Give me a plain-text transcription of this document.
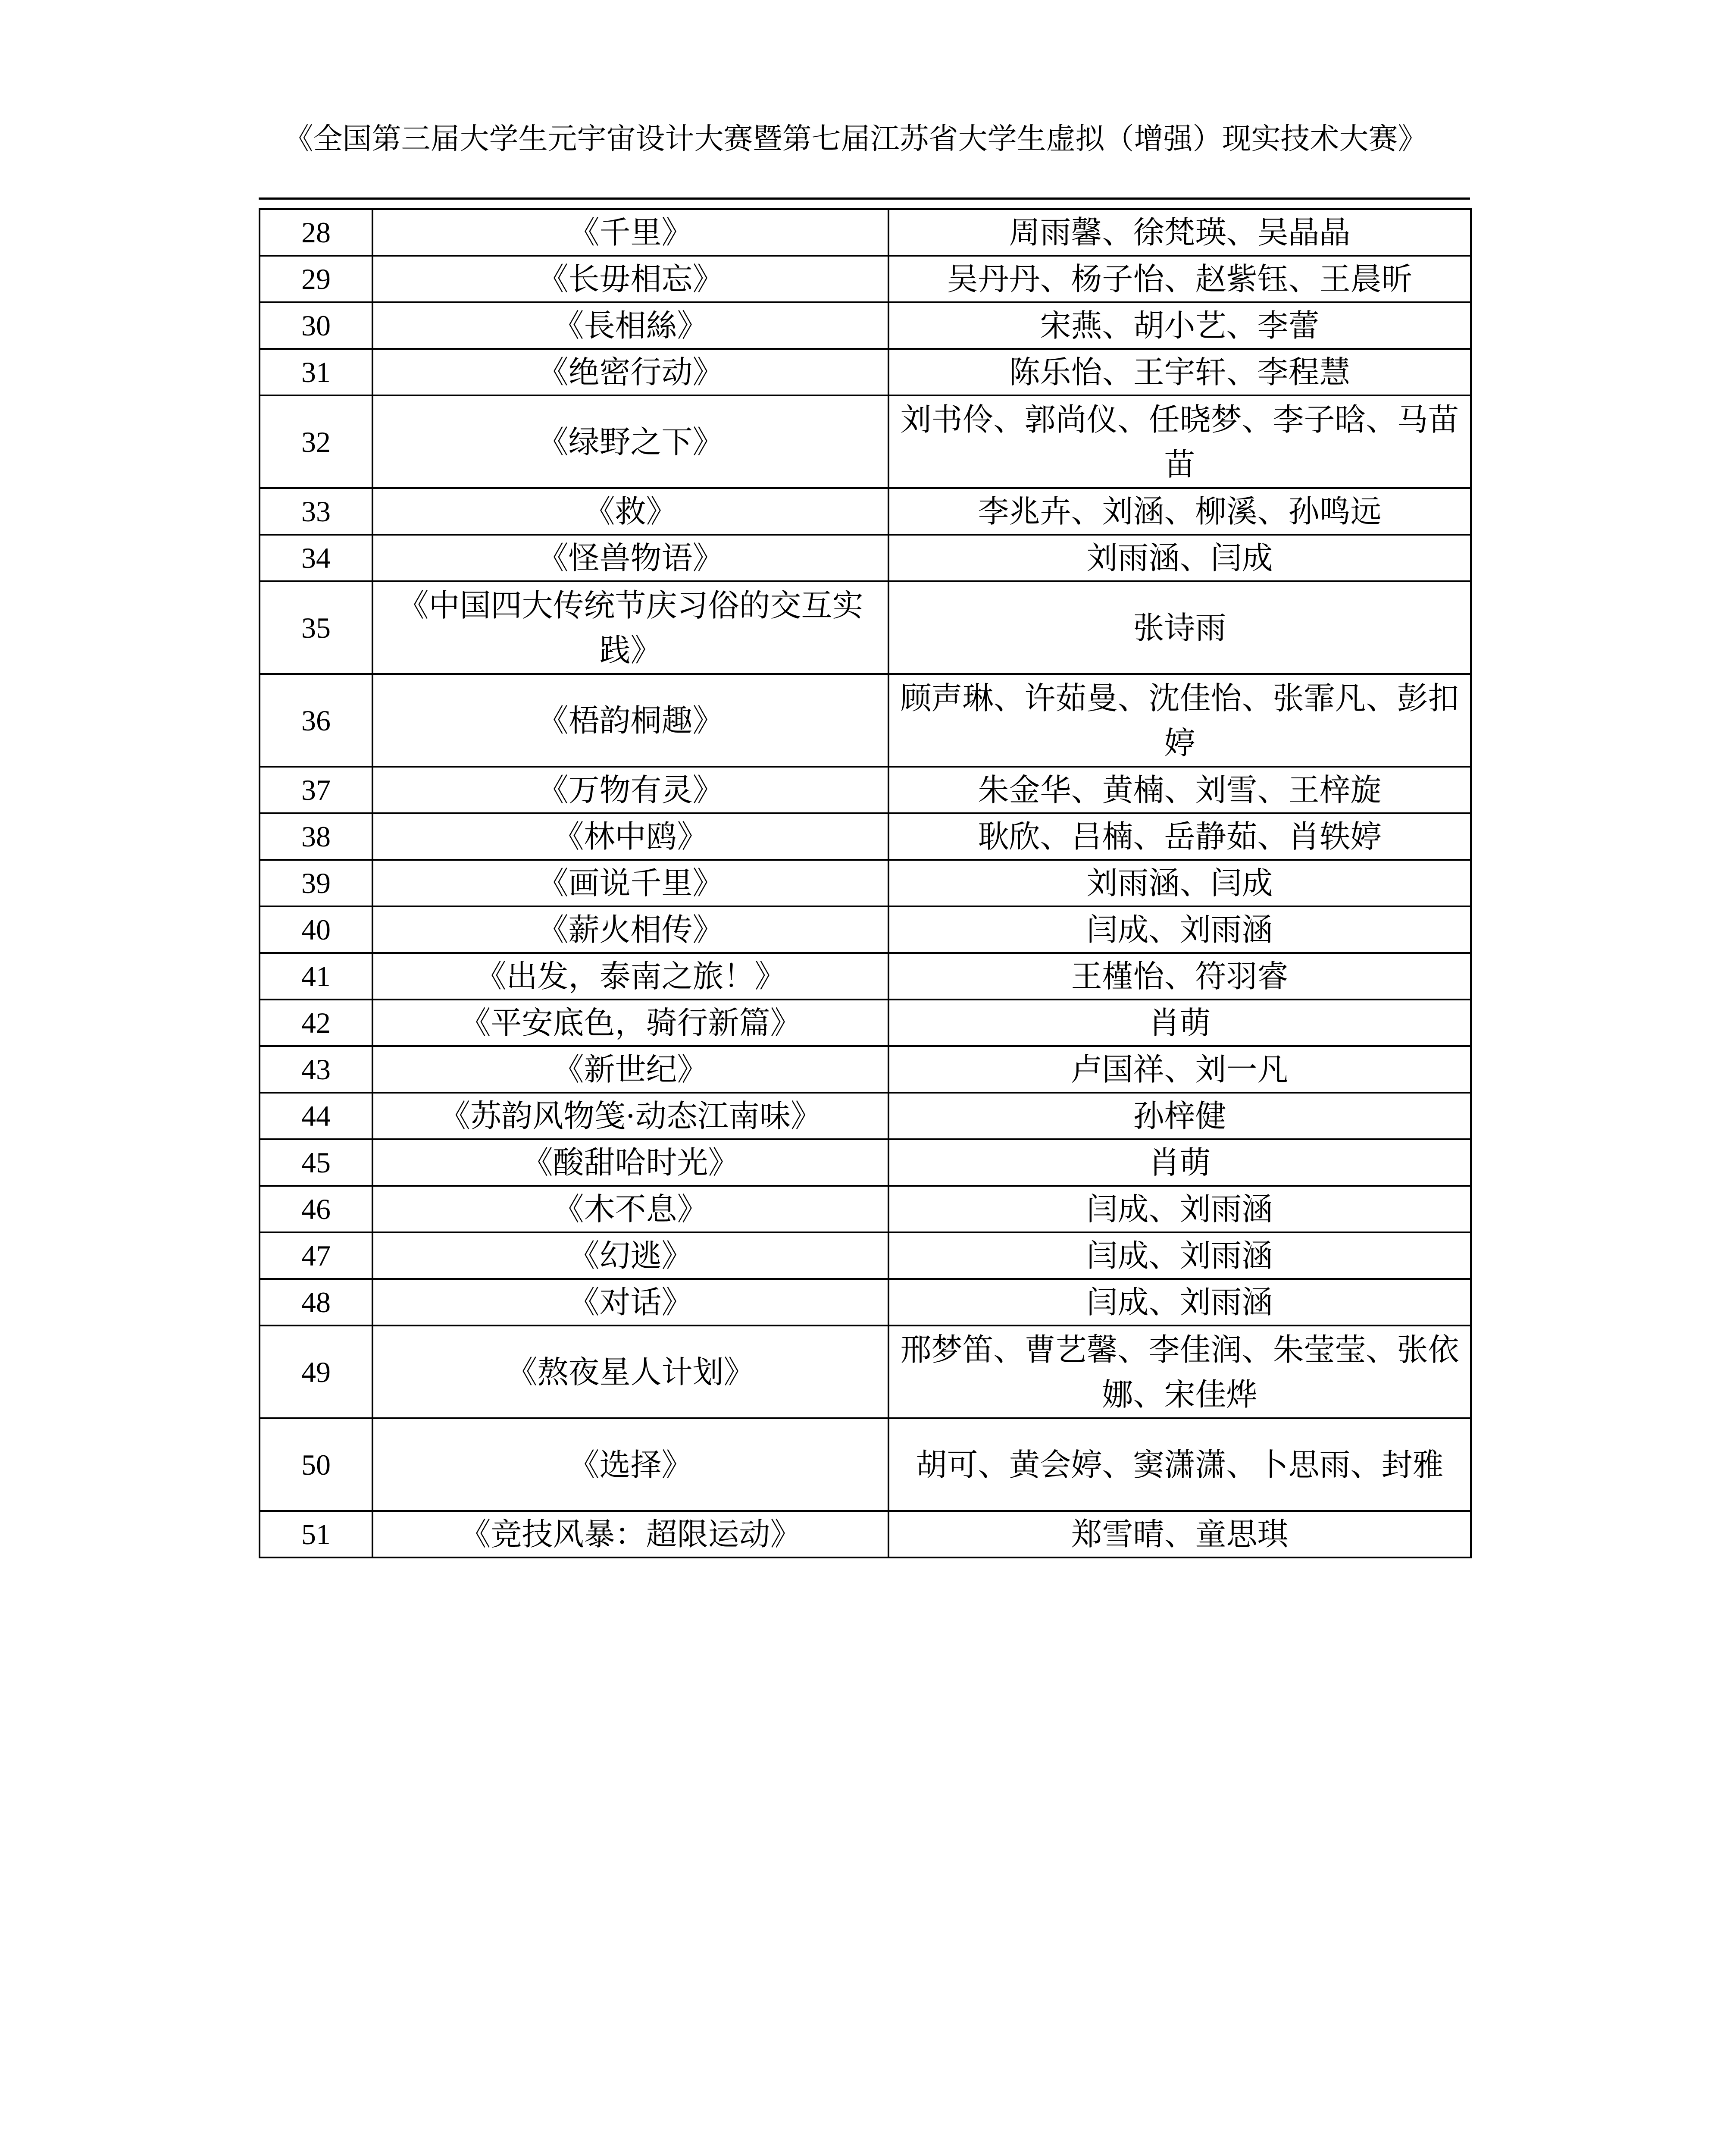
《全国第三届大学生元宇宙设计大赛暨第七届江苏省大学生虚拟（增强）现实技术大赛》
28	《千里》	周雨馨、徐梵瑛、吴晶晶
29	《长毋相忘》	吴丹丹、杨子怡、赵紫钰、王晨昕
30	《長相絲》	宋燕、胡小艺、李蕾
31	《绝密行动》	陈乐怡、王宇轩、李程慧
32	《绿野之下》	刘书伶、郭尚仪、任晓梦、李子晗、马苗苗
33	《救》	李兆卉、刘涵、柳溪、孙鸣远
34	《怪兽物语》	刘雨涵、闫成
35	《中国四大传统节庆习俗的交互实践》	张诗雨
36	《梧韵桐趣》	顾声琳、许茹曼、沈佳怡、张霏凡、彭扣婷
37	《万物有灵》	朱金华、黄楠、刘雪、王梓旋
38	《林中鸥》	耿欣、吕楠、岳静茹、肖轶婷
39	《画说千里》	刘雨涵、闫成
40	《薪火相传》	闫成、刘雨涵
41	《出发，泰南之旅！》	王槿怡、符羽睿
42	《平安底色，骑行新篇》	肖萌
43	《新世纪》	卢国祥、刘一凡
44	《苏韵风物笺·动态江南味》	孙梓健
45	《酸甜哈时光》	肖萌
46	《木不息》	闫成、刘雨涵
47	《幻逃》	闫成、刘雨涵
48	《对话》	闫成、刘雨涵
49	《熬夜星人计划》	邢梦笛、曹艺馨、李佳润、朱莹莹、张依娜、宋佳烨
50	《选择》	胡可、黄会婷、窦潇潇、卜思雨、封雅
51	《竞技风暴：超限运动》	郑雪晴、童思琪
